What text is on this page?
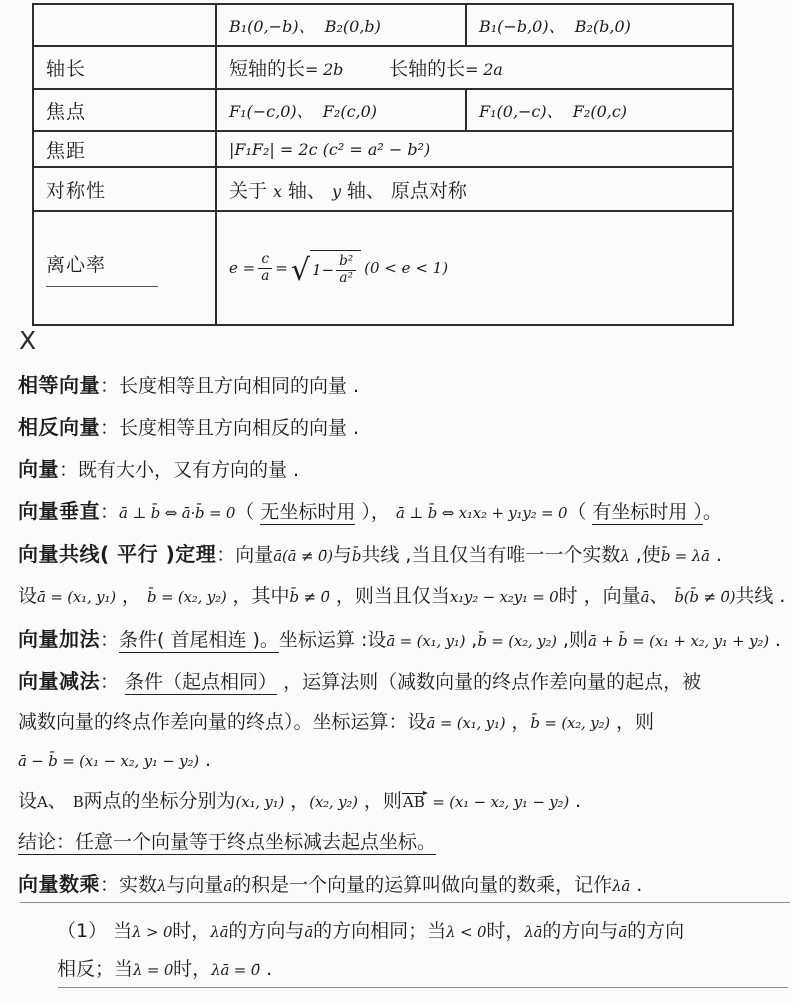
	B₁(0,−b)、  B₂(0,b)	B₁(−b,0)、  B₂(b,0)
轴长	短轴的长= 2b 长轴的长= 2a	
焦点	F₁(−c,0)、  F₂(c,0)	F₁(0,−c)、  F₂(0,c)
焦距	|F₁F₂| = 2c (c² = a² − b²)	
对称性	关于 x 轴、 y 轴、 原点对称	
离心率	$e = \frac{c}{a}$ = √ $1- \frac{\text{b²}}{\text{a²}} (0 < e < 1)$

X
相等向量：长度相等且方向相同的向量 .
相反向量：长度相等且方向相反的向量 .
向量：既有大小，又有方向的量 .
向量垂直：ā ⊥ b̄ ⇔ ā·b̄ = 0（ 无坐标时用 ）， ā ⊥ b̄ ⇔ x₁x₂ + y₁y₂ = 0（ 有坐标时用 ）。
向量共线( 平行 )定理：向量ā(ā ≠ 0̄)与b̄共线 ,当且仅当有唯一一个实数λ ,使b̄ = λā .
设ā = (x₁, y₁) ， b̄ = (x₂, y₂) ，其中b̄ ≠ 0̄ ，则当且仅当x₁y₂ − x₂y₁ = 0时 ，向量ā、 b̄(b̄ ≠ 0̄)共线 .
向量加法：条件( 首尾相连 )。坐标运算 :设ā = (x₁, y₁) ,b̄ = (x₂, y₂) ,则ā + b̄ = (x₁ + x₂, y₁ + y₂) .
向量减法： 条件（起点相同） ，运算法则（减数向量的终点作差向量的起点，被
减数向量的终点作差向量的终点）。坐标运算：设ā = (x₁, y₁) ，b̄ = (x₂, y₂) ，则
ā − b̄ = (x₁ − x₂, y₁ − y₂) .
设A、 B两点的坐标分别为(x₁, y₁) ，(x₂, y₂) ，则AB = (x₁ − x₂, y₁ − y₂) .
结论：任意一个向量等于终点坐标减去起点坐标。
向量数乘：实数λ与向量ā的积是一个向量的运算叫做向量的数乘，记作λā .
（1） 当λ > 0时，λā的方向与ā的方向相同；当λ < 0时，λā的方向与ā的方向
相反；当λ = 0时，λā = 0̄ .
